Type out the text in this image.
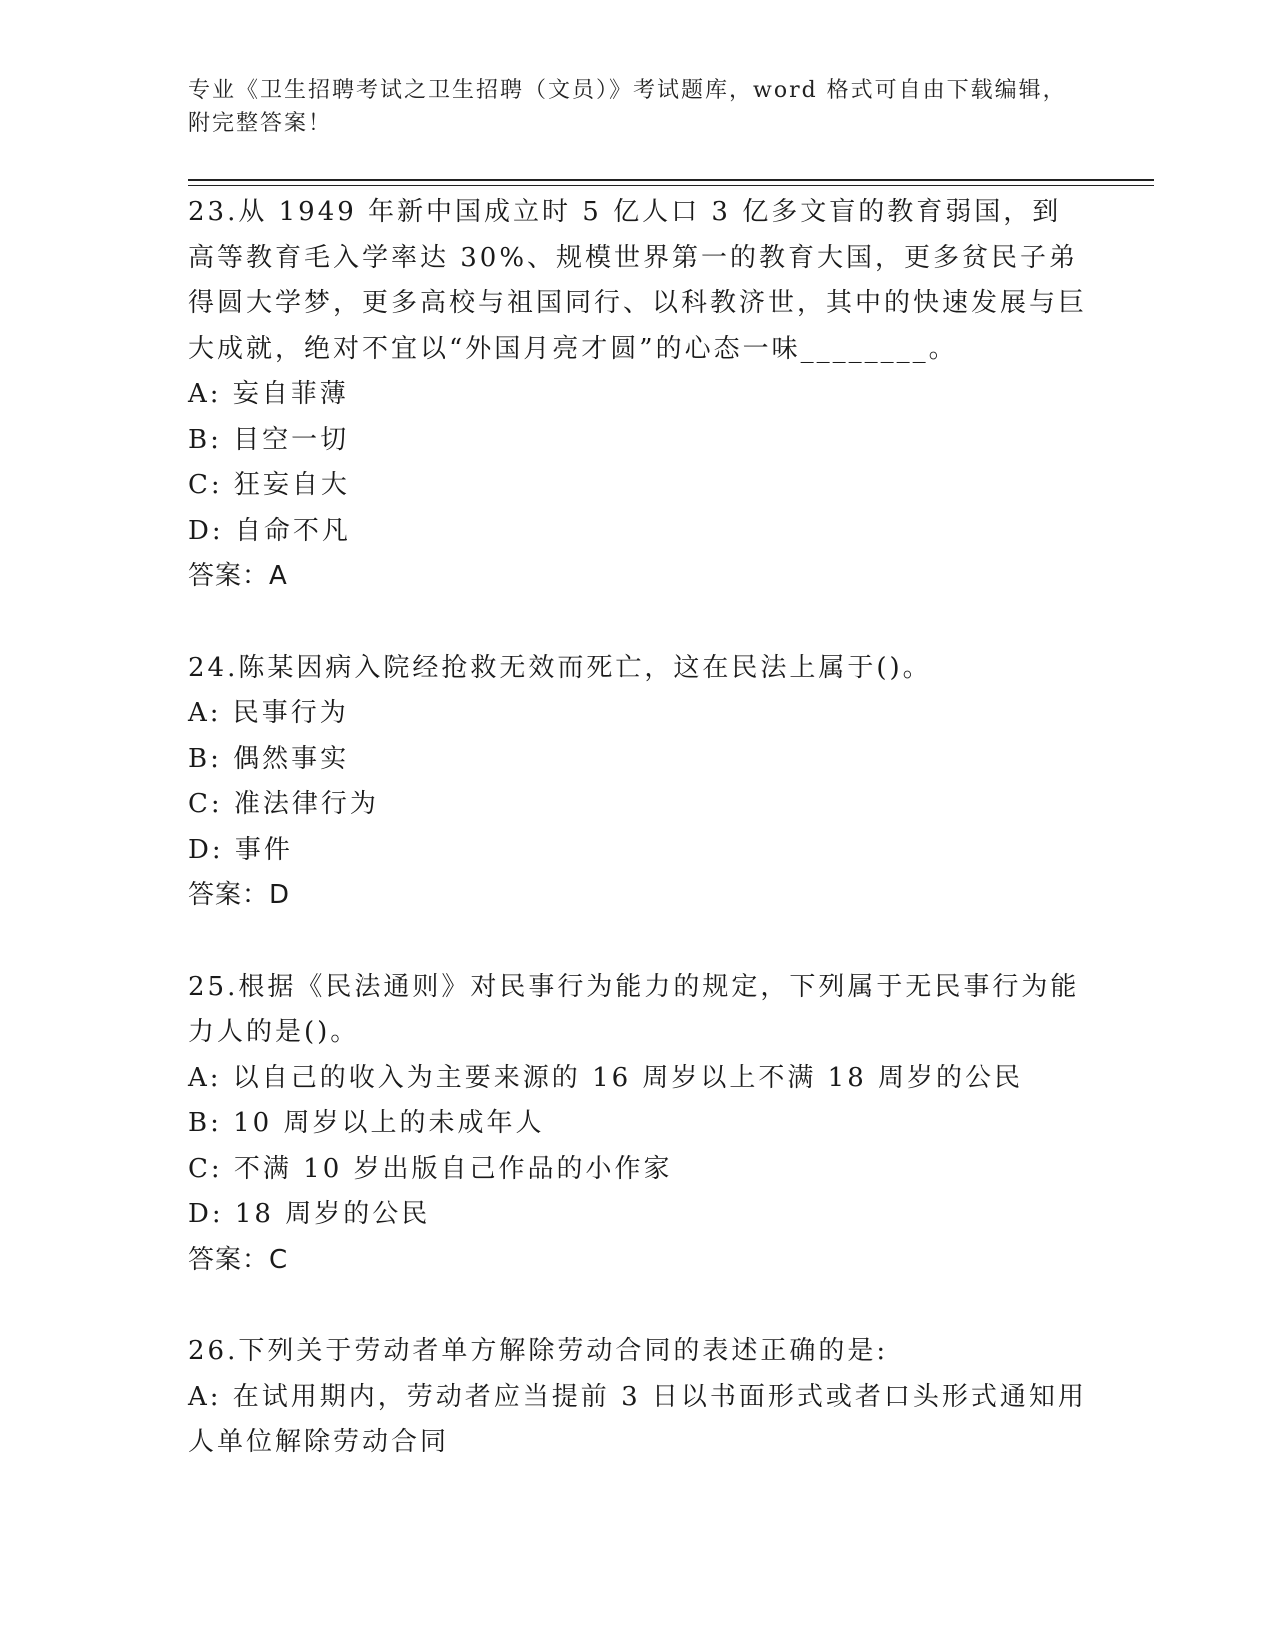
专业《卫生招聘考试之卫生招聘（文员）》考试题库，word 格式可自由下载编辑，附完整答案！
23.从 1949 年新中国成立时 5 亿人口 3 亿多文盲的教育弱国，到高等教育毛入学率达 30%、规模世界第一的教育大国，更多贫民子弟得圆大学梦，更多高校与祖国同行、以科教济世，其中的快速发展与巨大成就，绝对不宜以“外国月亮才圆”的心态一味________。
A: 妄自菲薄
B: 目空一切
C: 狂妄自大
D: 自命不凡
答案：A
24.陈某因病入院经抢救无效而死亡，这在民法上属于()。
A: 民事行为
B: 偶然事实
C: 准法律行为
D: 事件
答案：D
25.根据《民法通则》对民事行为能力的规定，下列属于无民事行为能力人的是()。
A: 以自己的收入为主要来源的 16 周岁以上不满 18 周岁的公民
B: 10 周岁以上的未成年人
C: 不满 10 岁出版自己作品的小作家
D: 18 周岁的公民
答案：C
26.下列关于劳动者单方解除劳动合同的表述正确的是:
A: 在试用期内，劳动者应当提前 3 日以书面形式或者口头形式通知用人单位解除劳动合同
